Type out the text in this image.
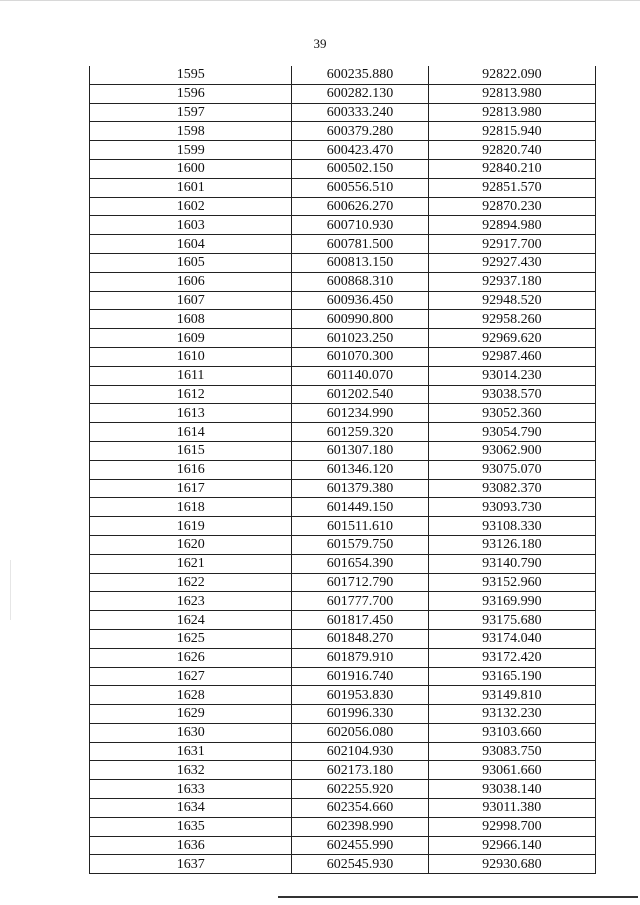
39
1595	600235.880	92822.090
1596	600282.130	92813.980
1597	600333.240	92813.980
1598	600379.280	92815.940
1599	600423.470	92820.740
1600	600502.150	92840.210
1601	600556.510	92851.570
1602	600626.270	92870.230
1603	600710.930	92894.980
1604	600781.500	92917.700
1605	600813.150	92927.430
1606	600868.310	92937.180
1607	600936.450	92948.520
1608	600990.800	92958.260
1609	601023.250	92969.620
1610	601070.300	92987.460
1611	601140.070	93014.230
1612	601202.540	93038.570
1613	601234.990	93052.360
1614	601259.320	93054.790
1615	601307.180	93062.900
1616	601346.120	93075.070
1617	601379.380	93082.370
1618	601449.150	93093.730
1619	601511.610	93108.330
1620	601579.750	93126.180
1621	601654.390	93140.790
1622	601712.790	93152.960
1623	601777.700	93169.990
1624	601817.450	93175.680
1625	601848.270	93174.040
1626	601879.910	93172.420
1627	601916.740	93165.190
1628	601953.830	93149.810
1629	601996.330	93132.230
1630	602056.080	93103.660
1631	602104.930	93083.750
1632	602173.180	93061.660
1633	602255.920	93038.140
1634	602354.660	93011.380
1635	602398.990	92998.700
1636	602455.990	92966.140
1637	602545.930	92930.680
